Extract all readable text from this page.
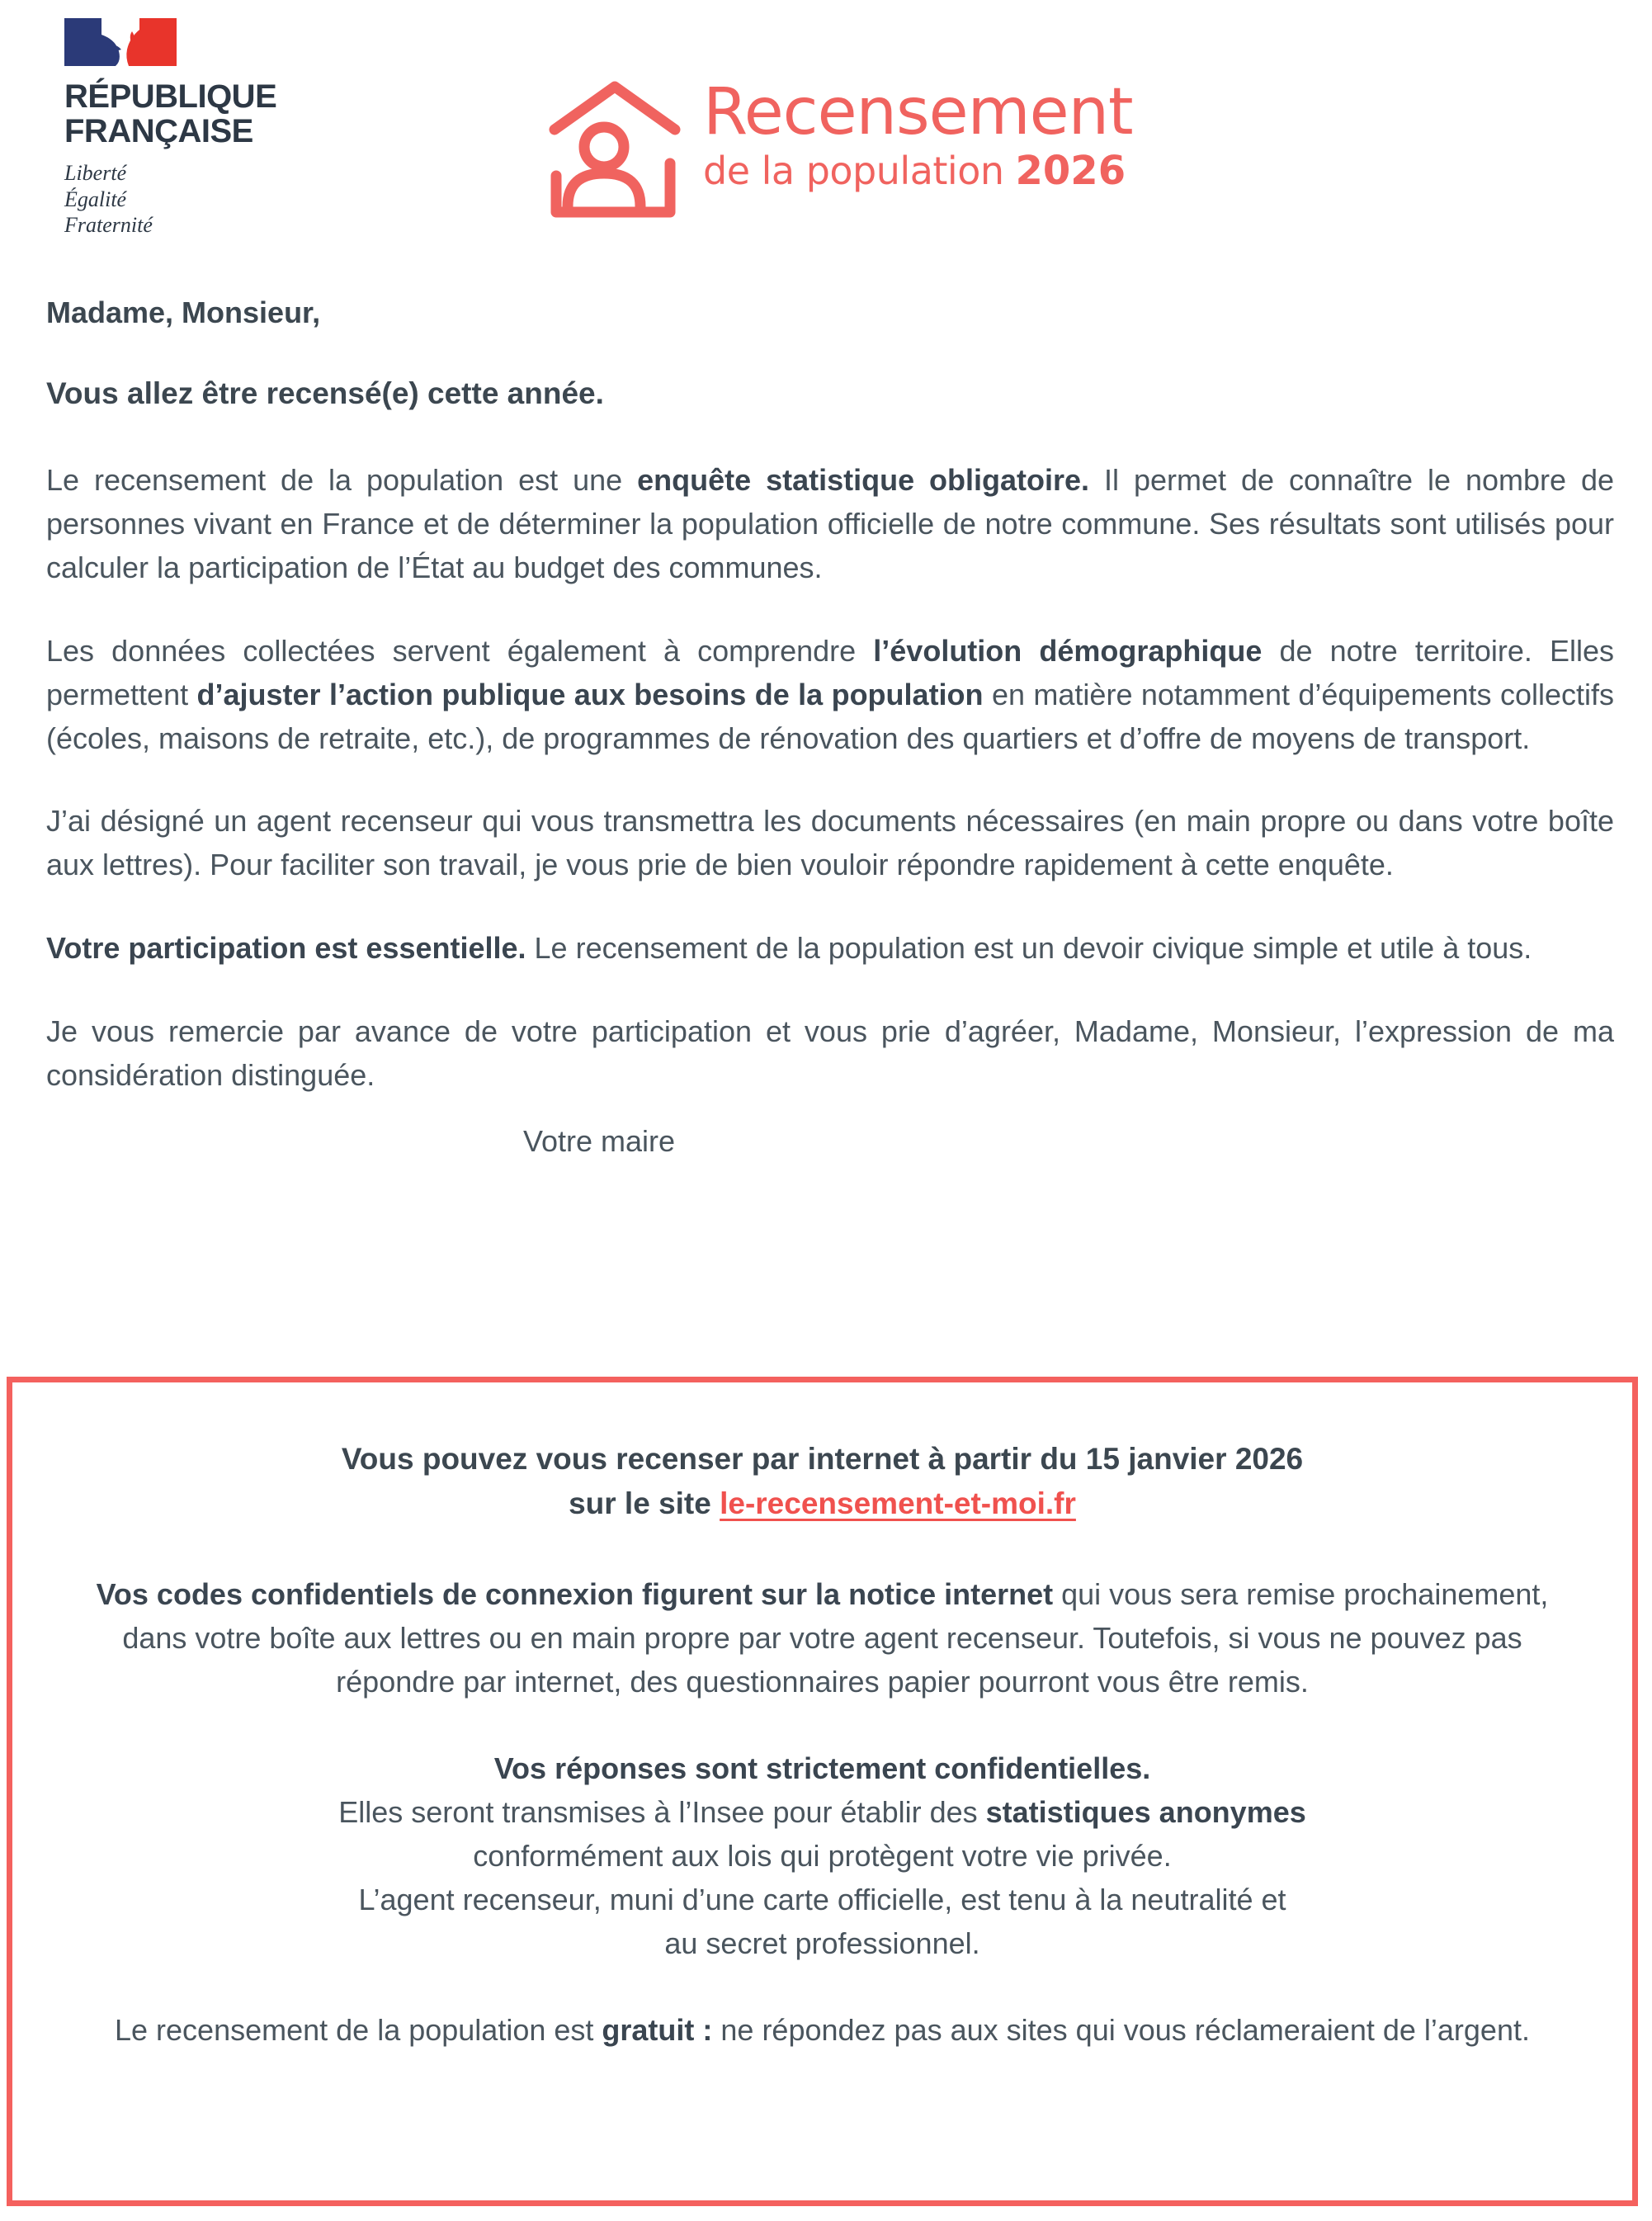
RÉPUBLIQUE
FRANÇAISE
Liberté
Égalité
Fraternité
Recensement
de la population 2026
Madame, Monsieur,
Vous allez être recensé(e) cette année.

Le recensement de la population est une enquête statistique obligatoire. Il permet de connaître le nombre de personnes vivant en France et de déterminer la population officielle de notre commune. Ses résultats sont utilisés pour calculer la participation de l’État au budget des communes.

Les données collectées servent également à comprendre l’évolution démographique de notre territoire. Elles permettent d’ajuster l’action publique aux besoins de la population en matière notamment d’équipements collectifs (écoles, maisons de retraite, etc.), de programmes de rénovation des quartiers et d’offre de moyens de transport.

J’ai désigné un agent recenseur qui vous transmettra les documents nécessaires (en main propre ou dans votre boîte aux lettres). Pour faciliter son travail, je vous prie de bien vouloir répondre rapidement à cette enquête.

Votre participation est essentielle. Le recensement de la population est un devoir civique simple et utile à tous.

Je vous remercie par avance de votre participation et vous prie d’agréer, Madame, Monsieur, l’expression de ma considération distinguée.

Votre maire
Vous pouvez vous recenser par internet à partir du 15 janvier 2026
sur le site le-recensement-et-moi.fr

Vos codes confidentiels de connexion figurent sur la notice internet qui vous sera remise prochainement, dans votre boîte aux lettres ou en main propre par votre agent recenseur. Toutefois, si vous ne pouvez pas répondre par internet, des questionnaires papier pourront vous être remis.

Vos réponses sont strictement confidentielles.
Elles seront transmises à l’Insee pour établir des statistiques anonymes
conformément aux lois qui protègent votre vie privée.
L’agent recenseur, muni d’une carte officielle, est tenu à la neutralité et
au secret professionnel.

Le recensement de la population est gratuit : ne répondez pas aux sites qui vous réclameraient de l’argent.
